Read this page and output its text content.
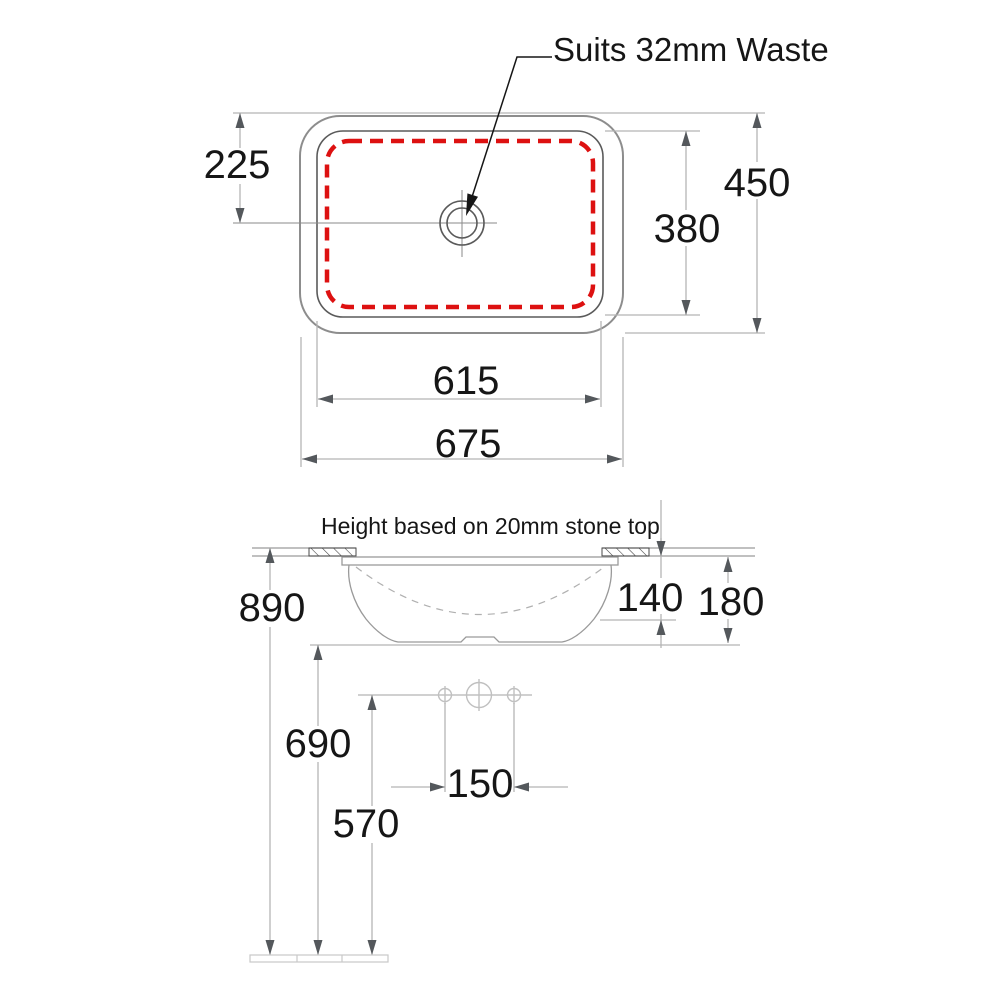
Suits 32mm Waste
225	450
380
615
675
Height based on 20mm stone top
140 180
150
890
690
570
